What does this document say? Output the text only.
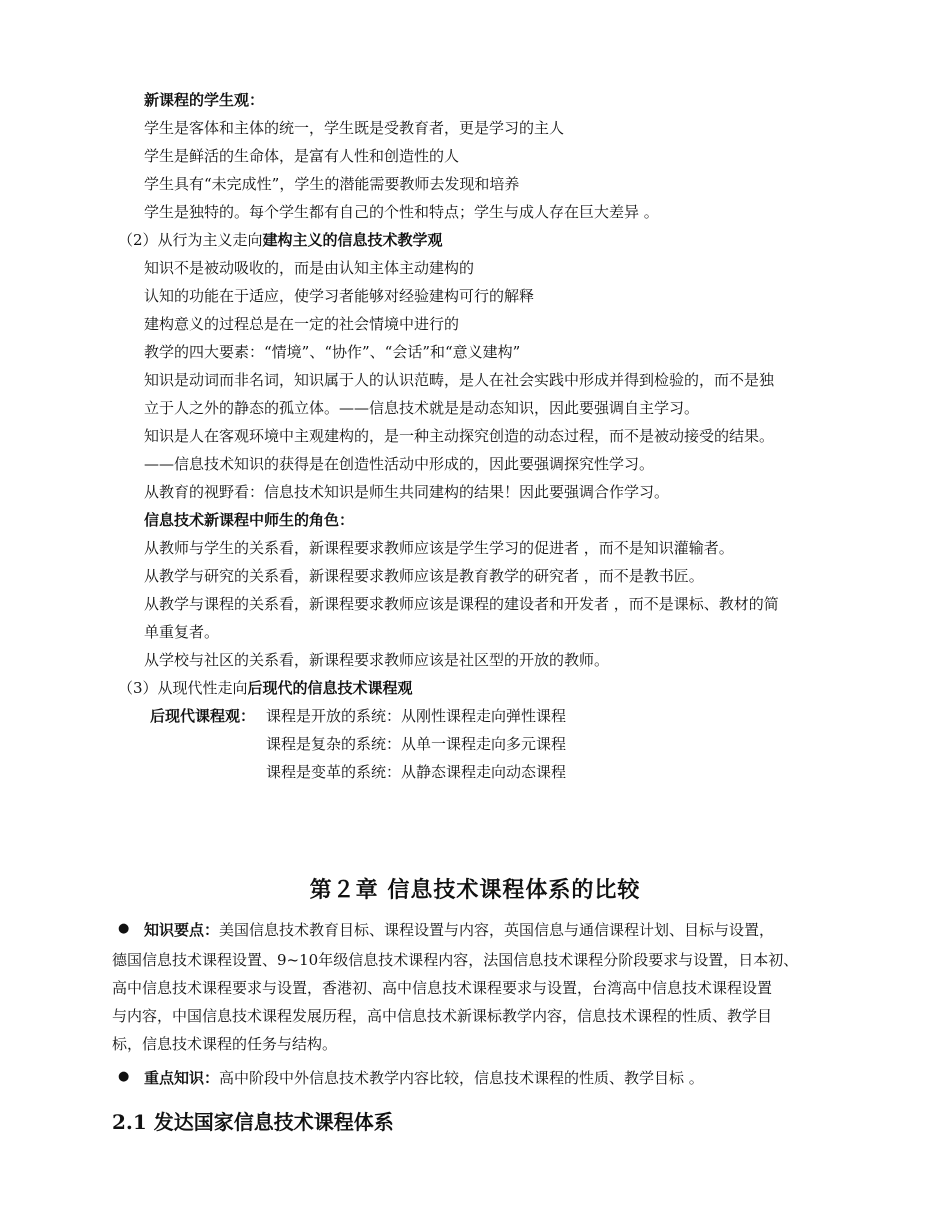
新课程的学生观：
学生是客体和主体的统一，学生既是受教育者，更是学习的主人
学生是鲜活的生命体，是富有人性和创造性的人
学生具有“未完成性”，学生的潜能需要教师去发现和培养
学生是独特的。每个学生都有自己的个性和特点；学生与成人存在巨大差异 。
（2）从行为主义走向建构主义的信息技术教学观
知识不是被动吸收的，而是由认知主体主动建构的
认知的功能在于适应，使学习者能够对经验建构可行的解释
建构意义的过程总是在一定的社会情境中进行的
教学的四大要素：“情境”、“协作”、“会话”和“意义建构”
知识是动词而非名词，知识属于人的认识范畴，是人在社会实践中形成并得到检验的，而不是独
立于人之外的静态的孤立体。——信息技术就是是动态知识，因此要强调自主学习。
知识是人在客观环境中主观建构的，是一种主动探究创造的动态过程，而不是被动接受的结果。
——信息技术知识的获得是在创造性活动中形成的，因此要强调探究性学习。
从教育的视野看：信息技术知识是师生共同建构的结果！因此要强调合作学习。
信息技术新课程中师生的角色：
从教师与学生的关系看，新课程要求教师应该是学生学习的促进者 ，而不是知识灌输者。
从教学与研究的关系看，新课程要求教师应该是教育教学的研究者 ，而不是教书匠。
从教学与课程的关系看，新课程要求教师应该是课程的建设者和开发者 ，而不是课标、教材的简
单重复者。
从学校与社区的关系看，新课程要求教师应该是社区型的开放的教师。
（3）从现代性走向后现代的信息技术课程观
后现代课程观： 课程是开放的系统：从刚性课程走向弹性课程
课程是复杂的系统：从单一课程走向多元课程
课程是变革的系统：从静态课程走向动态课程
第２章 信息技术课程体系的比较
● 知识要点：美国信息技术教育目标、课程设置与内容，英国信息与通信课程计划、目标与设置，
德国信息技术课程设置、9~10年级信息技术课程内容，法国信息技术课程分阶段要求与设置，日本初、
高中信息技术课程要求与设置，香港初、高中信息技术课程要求与设置，台湾高中信息技术课程设置
与内容，中国信息技术课程发展历程，高中信息技术新课标教学内容，信息技术课程的性质、教学目
标，信息技术课程的任务与结构。
● 重点知识：高中阶段中外信息技术教学内容比较，信息技术课程的性质、教学目标 。
2.1 发达国家信息技术课程体系
